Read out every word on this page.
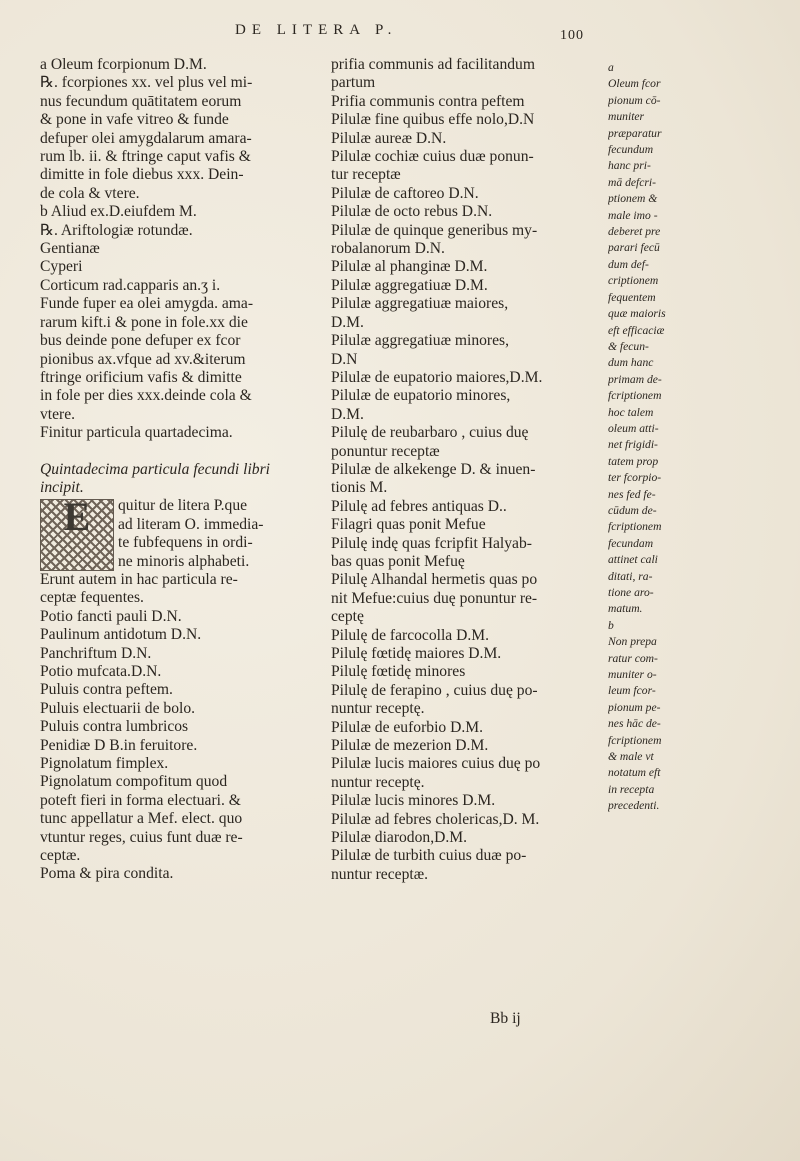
DE LITERA P.	100
a Oleum fcorpionum D.M.
℞. fcorpiones xx. vel plus vel mi-
nus fecundum quātitatem eorum
& pone in vafe vitreo & funde
defuper olei amygdalarum amara-
rum lb. ii. & ftringe caput vafis &
dimitte in fole diebus xxx. Dein-
de cola & vtere.
b Aliud ex.D.eiufdem M.
℞. Ariftologiæ rotundæ.
Gentianæ
Cyperi
Corticum rad.capparis an.ʒ i.
Funde fuper ea olei amygda. ama-
rarum kift.i & pone in fole.xx die
bus deinde pone defuper ex fcor
pionibus ax.vfque ad xv.&iterum
ftringe orificium vafis & dimitte
in fole per dies xxx.deinde cola &
vtere.
Finitur particula quartadecima.
Quintadecima particula fecundi libri
incipit.
E	quitur de litera P.que
ad literam O. immedia-
te fubfequens in ordi-
ne minoris alphabeti.
Erunt autem in hac particula re-
ceptæ fequentes.
Potio fancti pauli D.N.
Paulinum antidotum D.N.
Panchriftum D.N.
Potio mufcata.D.N.
Puluis contra peftem.
Puluis electuarii de bolo.
Puluis contra lumbricos
Penidiæ D B.in feruitore.
Pignolatum fimplex.
Pignolatum compofitum quod
poteft fieri in forma electuari. &
tunc appellatur a Mef. elect. quo
vtuntur reges, cuius funt duæ re-
ceptæ.
Poma & pira condita.
prifia communis ad facilitandum
partum
Prifia communis contra peftem
Pilulæ fine quibus effe nolo,D.N
Pilulæ aureæ D.N.
Pilulæ cochiæ cuius duæ ponun-
tur receptæ
Pilulæ de caftoreo D.N.
Pilulæ de octo rebus D.N.
Pilulæ de quinque generibus my-
robalanorum D.N.
Pilulæ al phanginæ D.M.
Pilulæ aggregatiuæ D.M.
Pilulæ aggregatiuæ maiores,
D.M.
Pilulæ aggregatiuæ minores,
D.N
Pilulæ de eupatorio maiores,D.M.
Pilulæ de eupatorio minores,
D.M.
Pilulę de reubarbaro , cuius duę
ponuntur receptæ
Pilulæ de alkekenge D. & inuen-
tionis M.
Pilulę ad febres antiquas D..
Filagri quas ponit Mefue
Pilulę indę quas fcripfit Halyab-
bas quas ponit Mefuę
Pilulę Alhandal hermetis quas po
nit Mefue:cuius duę ponuntur re-
ceptę
Pilulę de farcocolla D.M.
Pilulę fœtidę maiores D.M.
Pilulę fœtidę minores
Pilulę de ferapino , cuius duę po-
nuntur receptę.
Pilulæ de euforbio D.M.
Pilulæ de mezerion D.M.
Pilulæ lucis maiores cuius duę po
nuntur receptę.
Pilulæ lucis minores D.M.
Pilulæ ad febres cholericas,D. M.
Pilulæ diarodon,D.M.
Pilulæ de turbith cuius duæ po-
nuntur receptæ.
a
Oleum fcor
pionum cō-
muniter
præparatur
fecundum
hanc pri-
mā defcri-
ptionem &
male imo -
deberet pre
parari fecū
dum def-
criptionem
fequentem
quæ maioris
eft efficaciæ
& fecun-
dum hanc
primam de-
fcriptionem
hoc talem
oleum atti-
net frigidi-
tatem prop
ter fcorpio-
nes fed fe-
cūdum de-
fcriptionem
fecundam
attinet cali
ditati, ra-
tione aro-
matum.
b
Non prepa
ratur com-
muniter o-
leum fcor-
pionum pe-
nes hāc de-
fcriptionem
& male vt
notatum eft
in recepta
precedenti.
Bb ij
